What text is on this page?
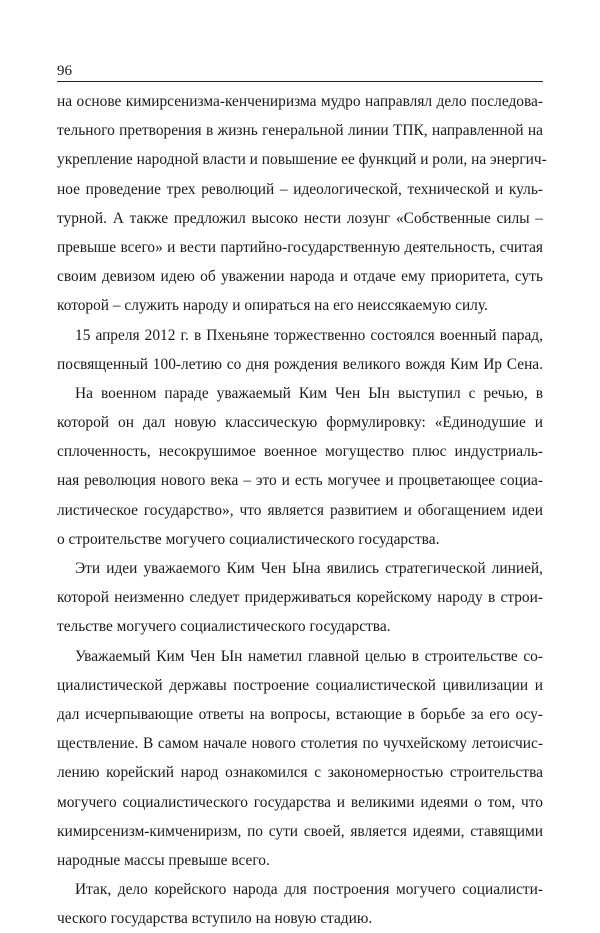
96
на основе кимирсенизма-кенчениризма мудро направлял дело последова-
тельного претворения в жизнь генеральной линии ТПК, направленной на
укрепление народной власти и повышение ее функций и роли, на энергич-
ное проведение трех революций – идеологической, технической и куль-
турной. А также предложил высоко нести лозунг «Собственные силы –
превыше всего» и вести партийно-государственную деятельность, считая
своим девизом идею об уважении народа и отдаче ему приоритета, суть
которой – служить народу и опираться на его неиссякаемую силу.
15 апреля 2012 г. в Пхеньяне торжественно состоялся военный парад,
посвященный 100-летию со дня рождения великого вождя Ким Ир Сена.
На военном параде уважаемый Ким Чен Ын выступил с речью, в
которой он дал новую классическую формулировку: «Единодушие и
сплоченность, несокрушимое военное могущество плюс индустриаль-
ная революция нового века – это и есть могучее и процветающее социа-
листическое государство», что является развитием и обогащением идеи
о строительстве могучего социалистического государства.
Эти идеи уважаемого Ким Чен Ына явились стратегической линией,
которой неизменно следует придерживаться корейскому народу в строи-
тельстве могучего социалистического государства.
Уважаемый Ким Чен Ын наметил главной целью в строительстве со-
циалистической державы построение социалистической цивилизации и
дал исчерпывающие ответы на вопросы, встающие в борьбе за его осу-
ществление. В самом начале нового столетия по чучхейскому летоисчис-
лению корейский народ ознакомился с закономерностью строительства
могучего социалистического государства и великими идеями о том, что
кимирсенизм-кимчениризм, по сути своей, является идеями, ставящими
народные массы превыше всего.
Итак, дело корейского народа для построения могучего социалисти-
ческого государства вступило на новую стадию.
